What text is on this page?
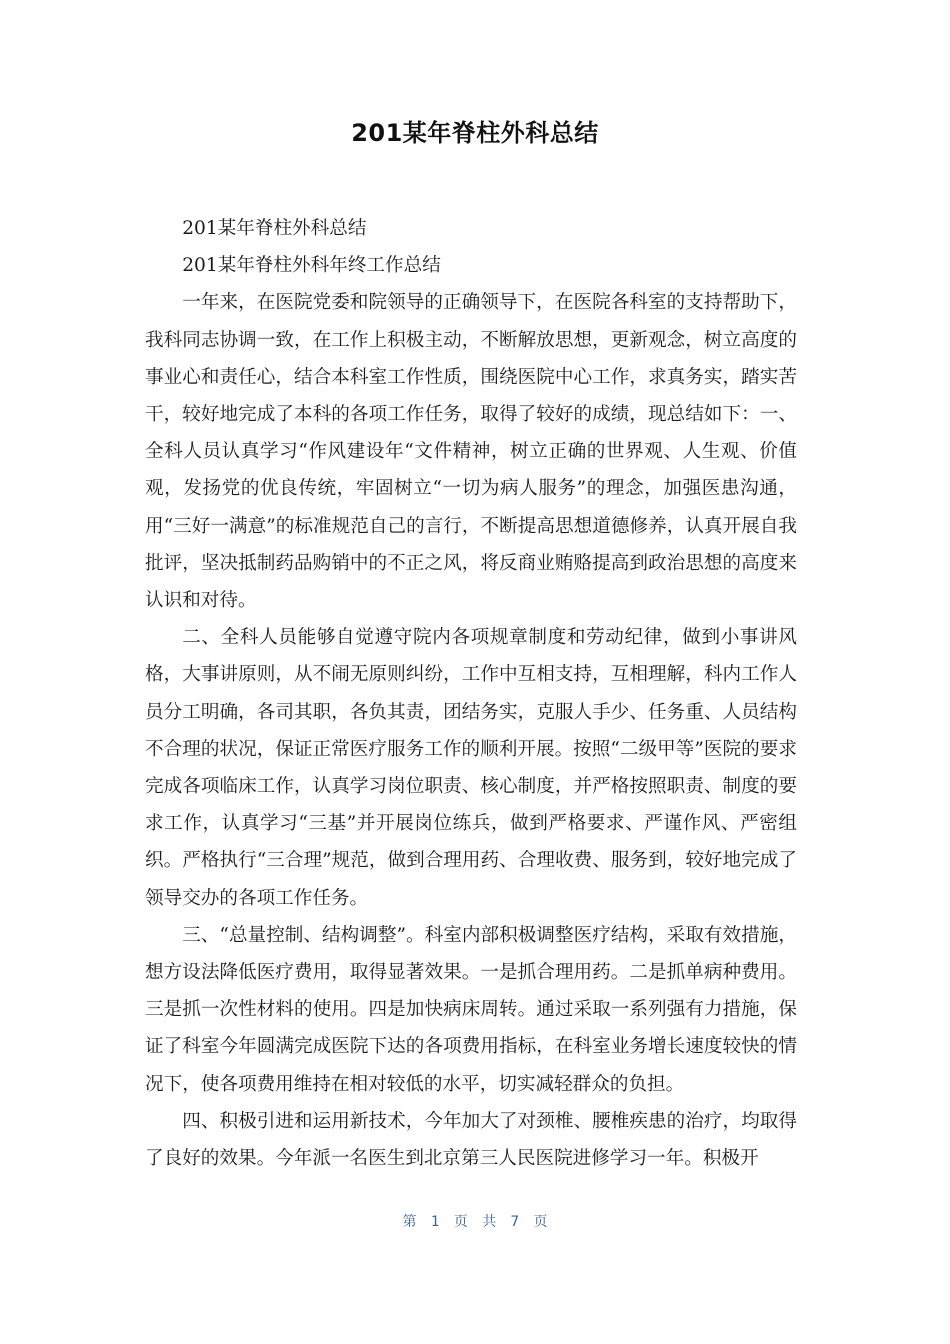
201某年脊柱外科总结

201某年脊柱外科总结

201某年脊柱外科年终工作总结

一年来，在医院党委和院领导的正确领导下，在医院各科室的支持帮助下，我科同志协调一致，在工作上积极主动，不断解放思想，更新观念，树立高度的事业心和责任心，结合本科室工作性质，围绕医院中心工作，求真务实，踏实苦干，较好地完成了本科的各项工作任务，取得了较好的成绩，现总结如下：一、全科人员认真学习“作风建设年“文件精神，树立正确的世界观、人生观、价值观，发扬党的优良传统，牢固树立“一切为病人服务”的理念，加强医患沟通，用“三好一满意”的标准规范自己的言行，不断提高思想道德修养，认真开展自我批评，坚决抵制药品购销中的不正之风，将反商业贿赂提高到政治思想的高度来认识和对待。

二、全科人员能够自觉遵守院内各项规章制度和劳动纪律，做到小事讲风格，大事讲原则，从不闹无原则纠纷，工作中互相支持，互相理解，科内工作人员分工明确，各司其职，各负其责，团结务实，克服人手少、任务重、人员结构不合理的状况，保证正常医疗服务工作的顺利开展。按照“二级甲等”医院的要求完成各项临床工作，认真学习岗位职责、核心制度，并严格按照职责、制度的要求工作，认真学习“三基”并开展岗位练兵，做到严格要求、严谨作风、严密组织。严格执行“三合理”规范，做到合理用药、合理收费、服务到，较好地完成了领导交办的各项工作任务。

三、“总量控制、结构调整”。科室内部积极调整医疗结构，采取有效措施，想方设法降低医疗费用，取得显著效果。一是抓合理用药。二是抓单病种费用。三是抓一次性材料的使用。四是加快病床周转。通过采取一系列强有力措施，保证了科室今年圆满完成医院下达的各项费用指标，在科室业务增长速度较快的情况下，使各项费用维持在相对较低的水平，切实减轻群众的负担。

四、积极引进和运用新技术，今年加大了对颈椎、腰椎疾患的治疗，均取得了良好的效果。今年派一名医生到北京第三人民医院进修学习一年。积极开

第 1 页 共 7 页
